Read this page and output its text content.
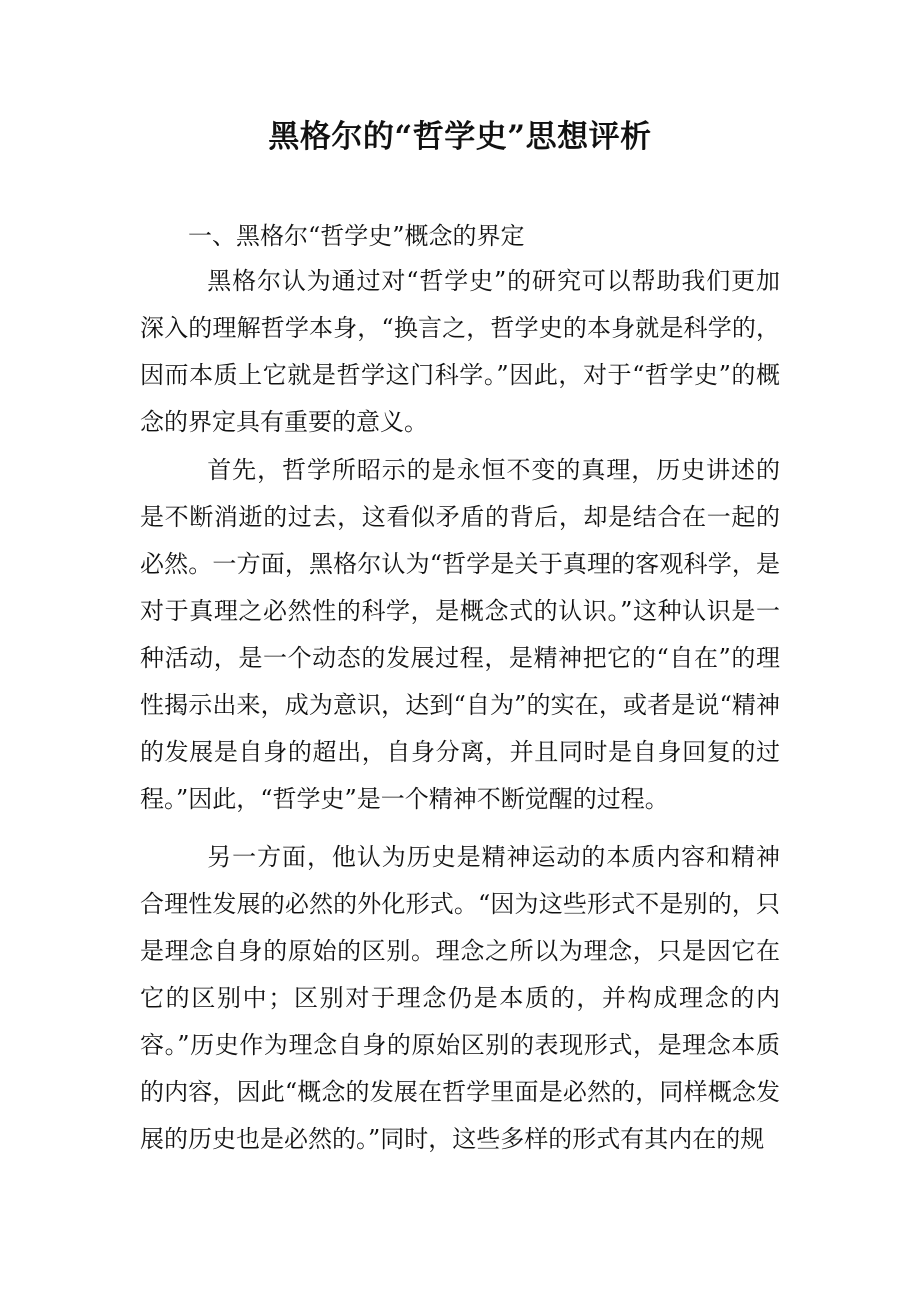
黑格尔的“哲学史”思想评析
一、黑格尔“哲学史”概念的界定

黑格尔认为通过对“哲学史”的研究可以帮助我们更加深入的理解哲学本身，“换言之，哲学史的本身就是科学的，因而本质上它就是哲学这门科学。”因此，对于“哲学史”的概念的界定具有重要的意义。

首先，哲学所昭示的是永恒不变的真理，历史讲述的是不断消逝的过去，这看似矛盾的背后，却是结合在一起的必然。一方面，黑格尔认为“哲学是关于真理的客观科学，是对于真理之必然性的科学，是概念式的认识。”这种认识是一种活动，是一个动态的发展过程，是精神把它的“自在”的理性揭示出来，成为意识，达到“自为”的实在，或者是说“精神的发展是自身的超出，自身分离，并且同时是自身回复的过程。”因此，“哲学史”是一个精神不断觉醒的过程。

另一方面，他认为历史是精神运动的本质内容和精神合理性发展的必然的外化形式。“因为这些形式不是别的，只是理念自身的原始的区别。理念之所以为理念，只是因它在它的区别中；区别对于理念仍是本质的，并构成理念的内容。”历史作为理念自身的原始区别的表现形式，是理念本质的内容，因此“概念的发展在哲学里面是必然的，同样概念发展的历史也是必然的。”同时，这些多样的形式有其内在的规
